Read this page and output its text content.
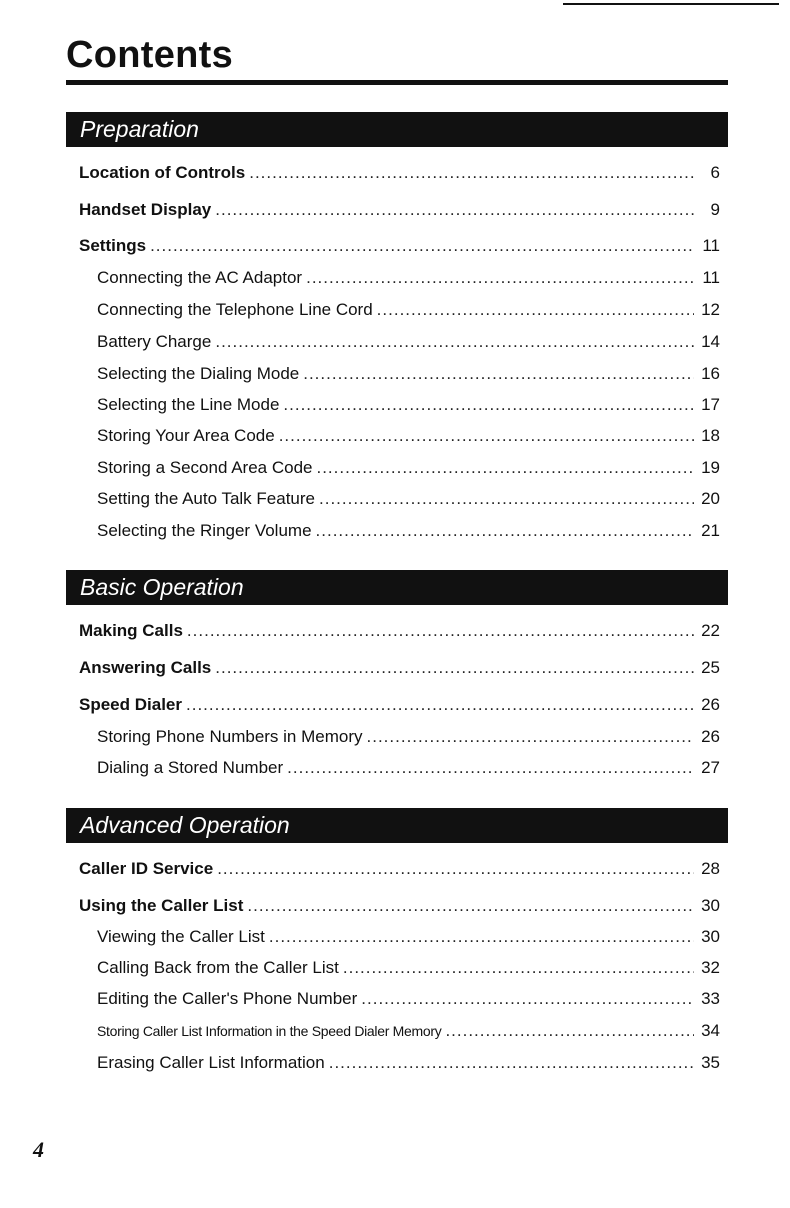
Contents
Preparation
Location of Controls .....	6
Handset Display .....	9
Settings .....	11
Connecting the AC Adaptor .....	11
Connecting the Telephone Line Cord .....	12
Battery Charge .....	14
Selecting the Dialing Mode .....	16
Selecting the Line Mode .....	17
Storing Your Area Code .....	18
Storing a Second Area Code .....	19
Setting the Auto Talk Feature .....	20
Selecting the Ringer Volume .....	21
Basic Operation
Making Calls .....	22
Answering Calls .....	25
Speed Dialer .....	26
Storing Phone Numbers in Memory .....	26
Dialing a Stored Number .....	27
Advanced Operation
Caller ID Service .....	28
Using the Caller List .....	30
Viewing the Caller List .....	30
Calling Back from the Caller List .....	32
Editing the Caller's Phone Number .....	33
Storing Caller List Information in the Speed Dialer Memory .....	34
Erasing Caller List Information .....	35
4
